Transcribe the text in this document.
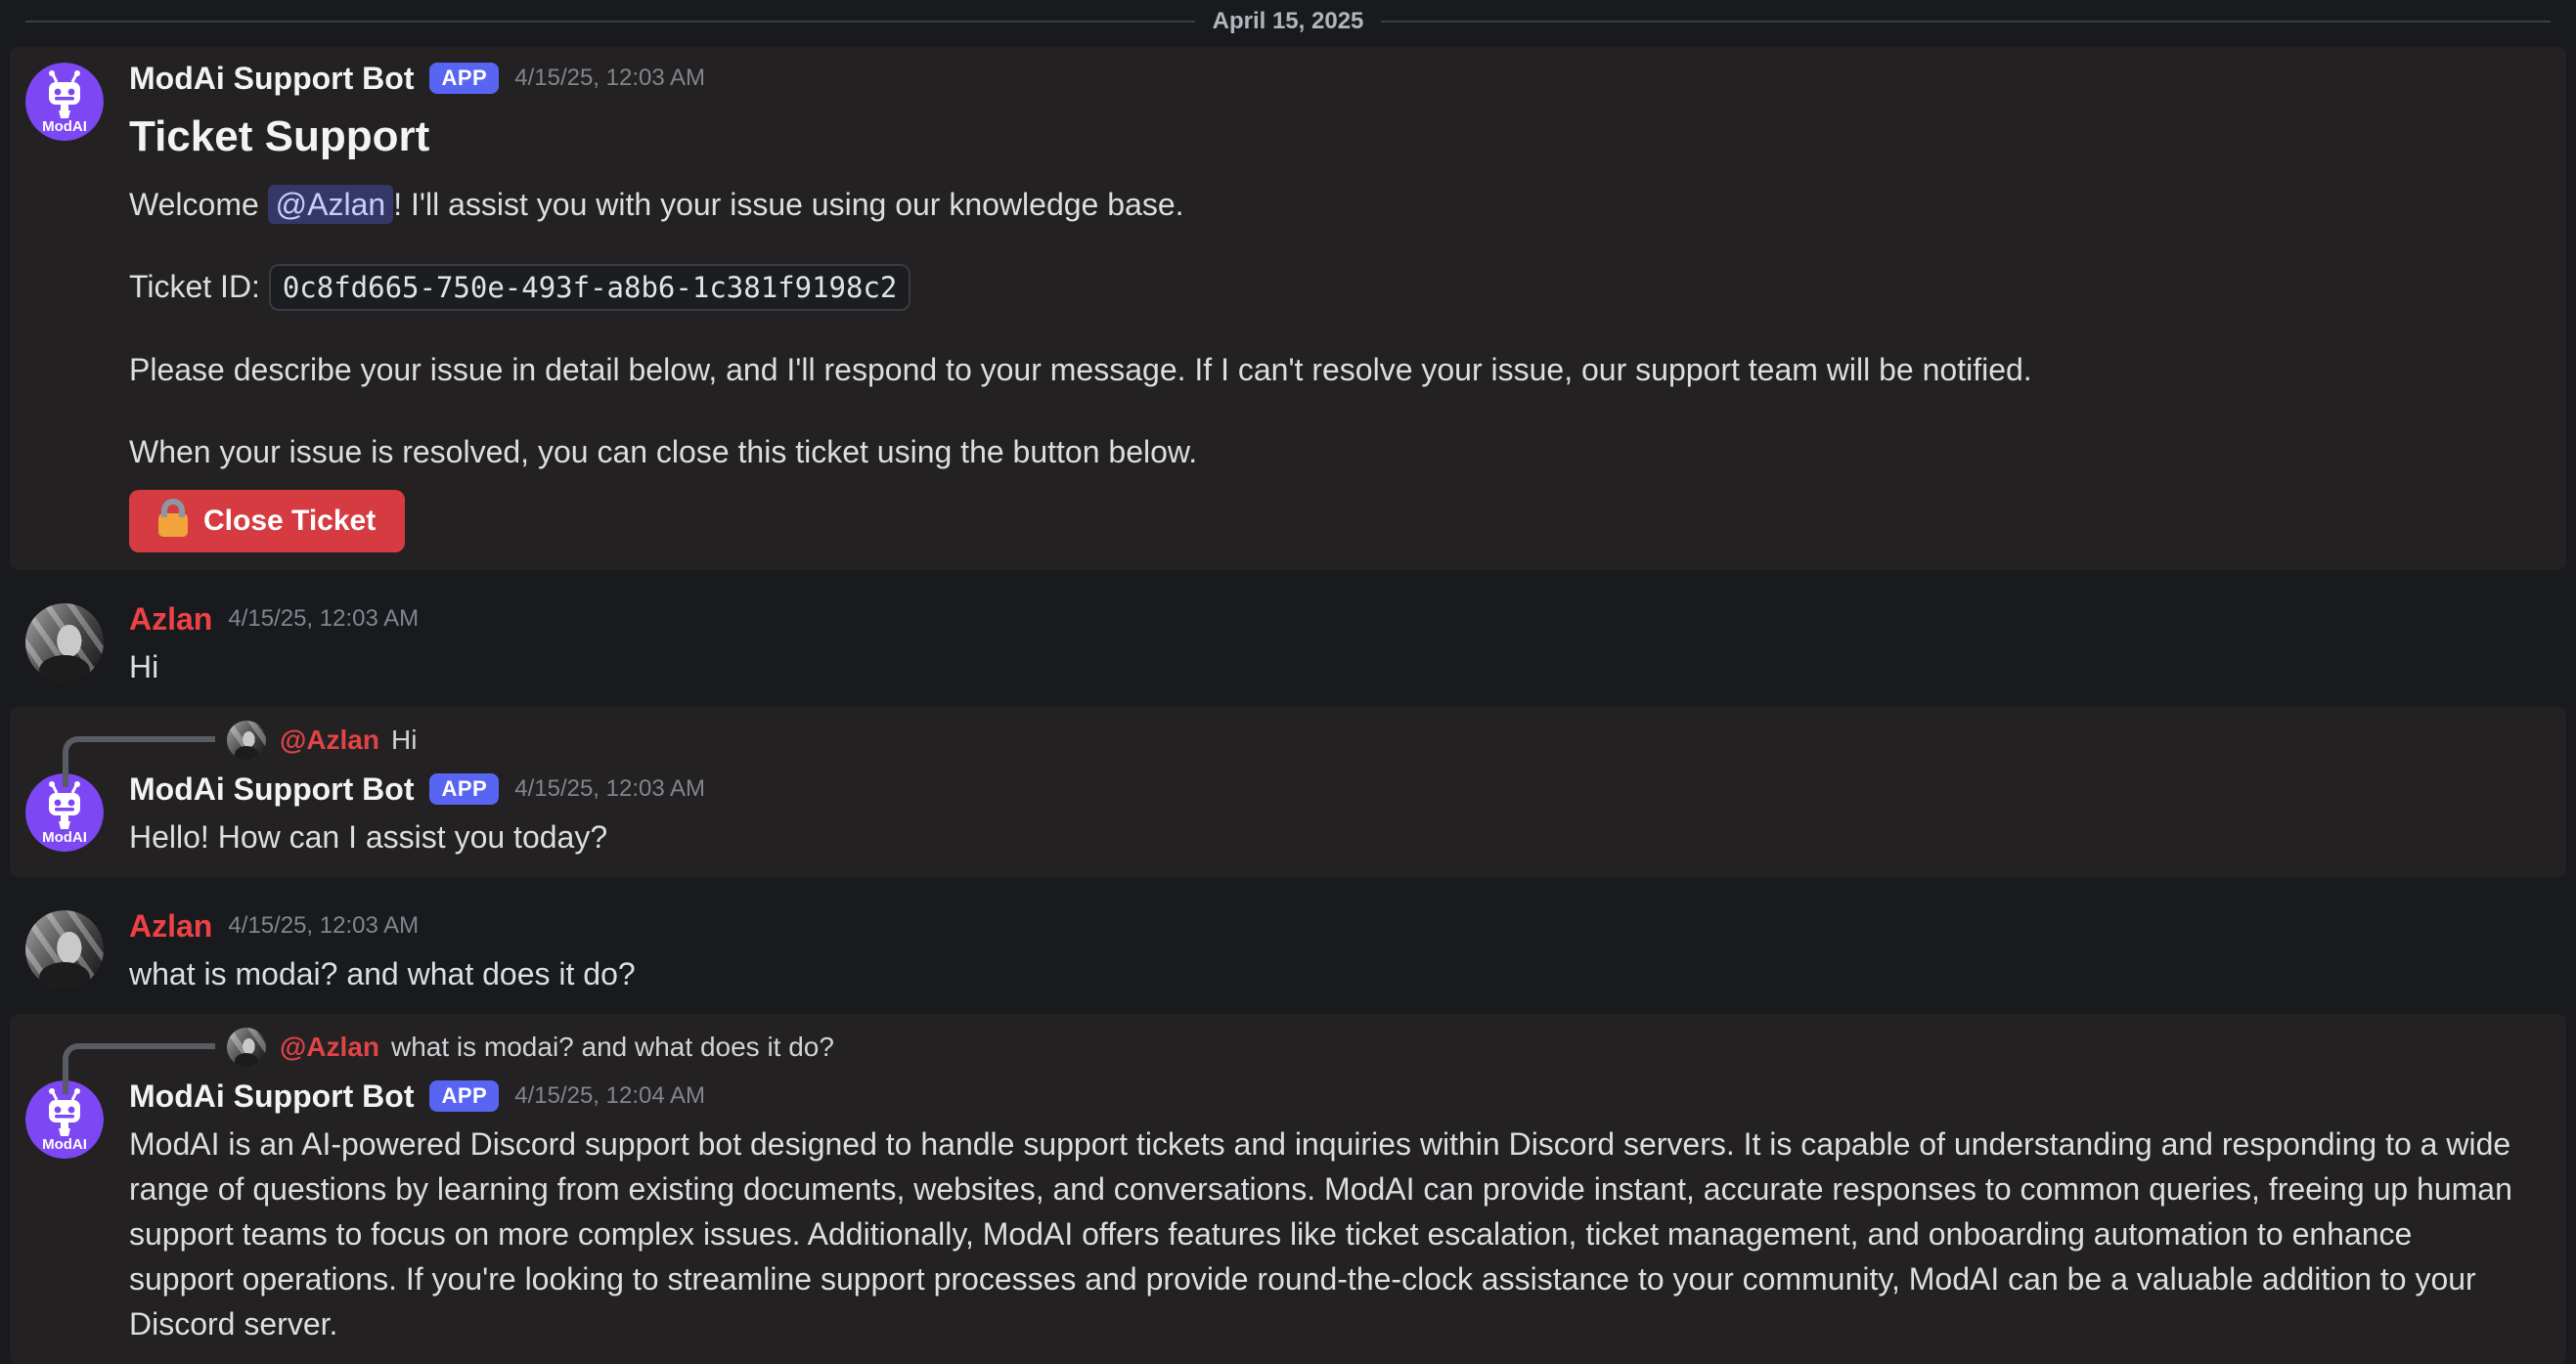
April 15, 2025
ModAI
ModAi Support Bot	APP	4/15/25, 12:03 AM
Ticket Support

Welcome @Azlan ! I'll assist you with your issue using our knowledge base.

Ticket ID: 0c8fd665-750e-493f-a8b6-1c381f9198c2

Please describe your issue in detail below, and I'll respond to your message. If I can't resolve your issue, our support team will be notified.

When your issue is resolved, you can close this ticket using the button below.

Close Ticket
Azlan 4/15/25, 12:03 AM

Hi

@Azlan Hi
ModAI
ModAi Support Bot	APP	4/15/25, 12:03 AM

Hello! How can I assist you today?

Azlan 4/15/25, 12:03 AM

what is modai? and what does it do?

@Azlan what is modai? and what does it do?
ModAI
ModAi Support Bot	APP	4/15/25, 12:04 AM

ModAI is an AI-powered Discord support bot designed to handle support tickets and inquiries within Discord servers. It is capable of understanding and responding to a wide range of questions by learning from existing documents, websites, and conversations. ModAI can provide instant, accurate responses to common queries, freeing up human support teams to focus on more complex issues. Additionally, ModAI offers features like ticket escalation, ticket management, and onboarding automation to enhance support operations. If you're looking to streamline support processes and provide round-the-clock assistance to your community, ModAI can be a valuable addition to your Discord server.
